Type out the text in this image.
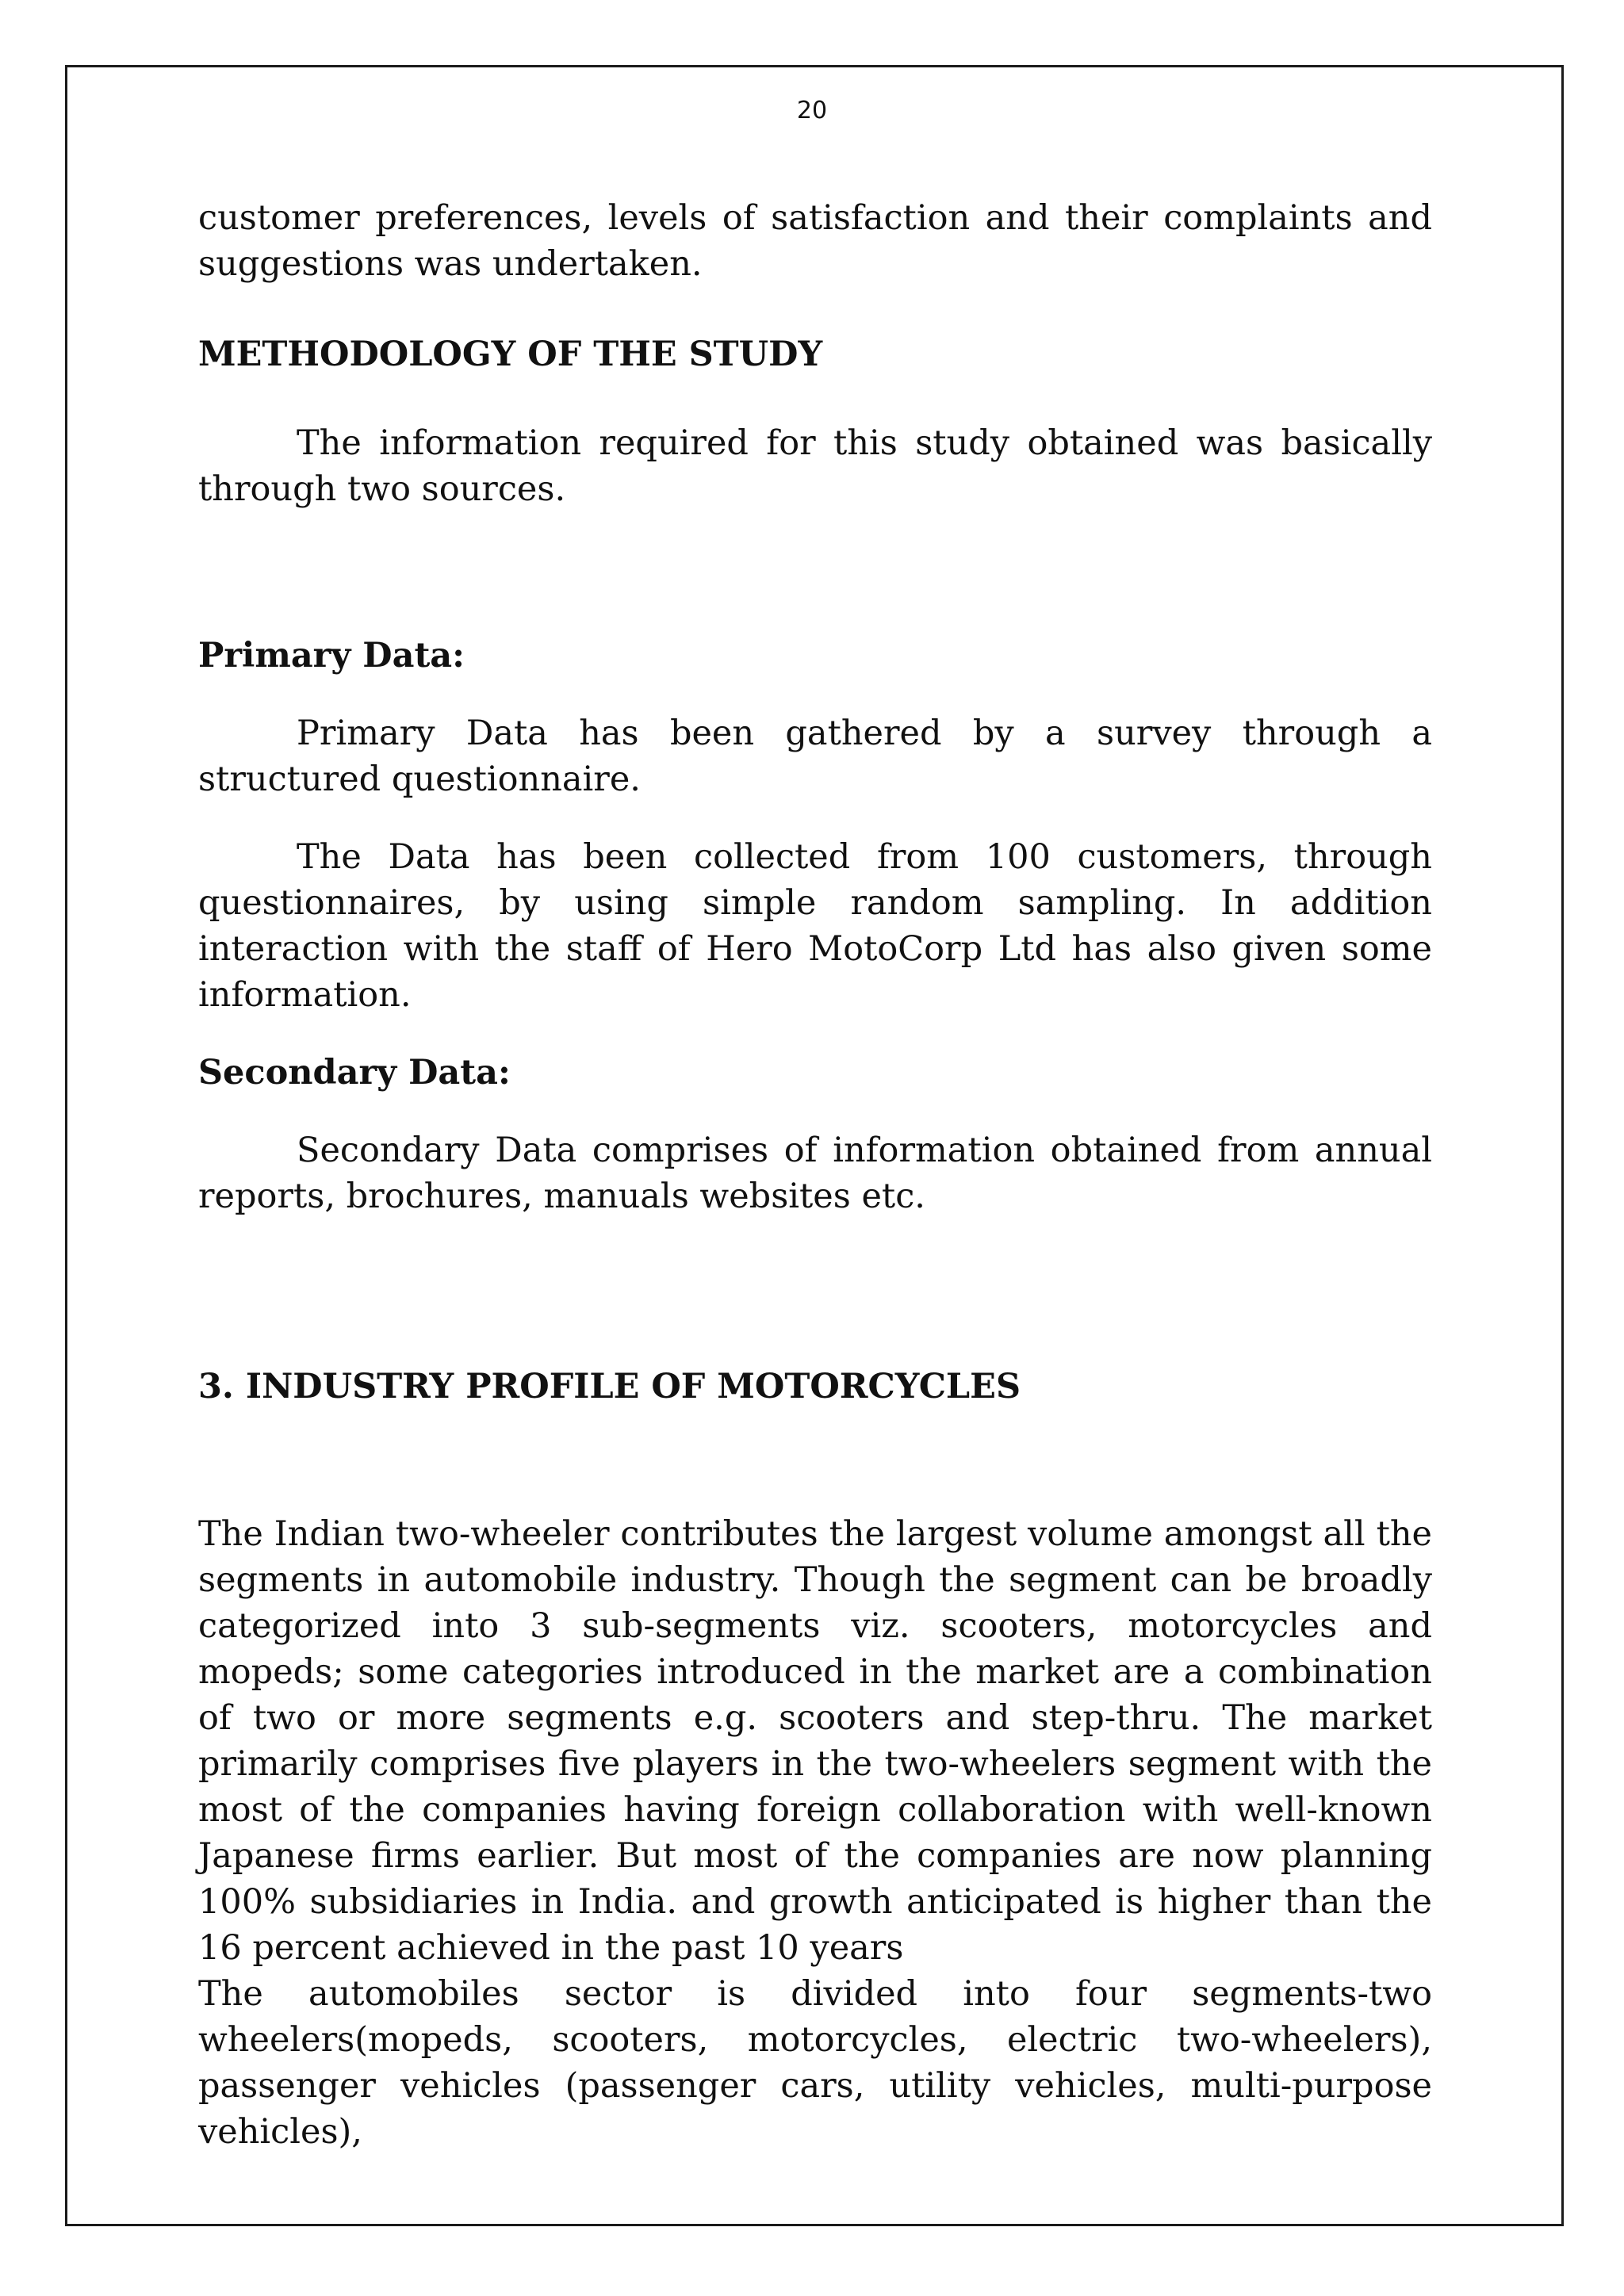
20

customer preferences, levels of satisfaction and their complaints and suggestions was undertaken.

METHODOLOGY OF THE STUDY

The information required for this study obtained was basically through two sources.

Primary Data:

Primary Data has been gathered by a survey through a structured questionnaire.

The Data has been collected from 100 customers, through questionnaires, by using simple random sampling. In addition interaction with the staff of Hero MotoCorp Ltd has also given some information.

Secondary Data:

Secondary Data comprises of information obtained from annual reports, brochures, manuals websites etc.

3. INDUSTRY PROFILE OF MOTORCYCLES

The Indian two-wheeler contributes the largest volume amongst all the segments in automobile industry. Though the segment can be broadly categorized into 3 sub-segments viz. scooters, motorcycles and mopeds; some categories introduced in the market are a combination of two or more segments e.g. scooters and step-thru. The market primarily comprises five players in the two-wheelers segment with the most of the companies having foreign collaboration with well-known Japanese firms earlier. But most of the companies are now planning 100% subsidiaries in India. and growth anticipated is higher than the 16 percent achieved in the past 10 years

The automobiles sector is divided into four segments-two wheelers(mopeds, scooters, motorcycles, electric two-wheelers), passenger vehicles (passenger cars, utility vehicles, multi-purpose vehicles),
